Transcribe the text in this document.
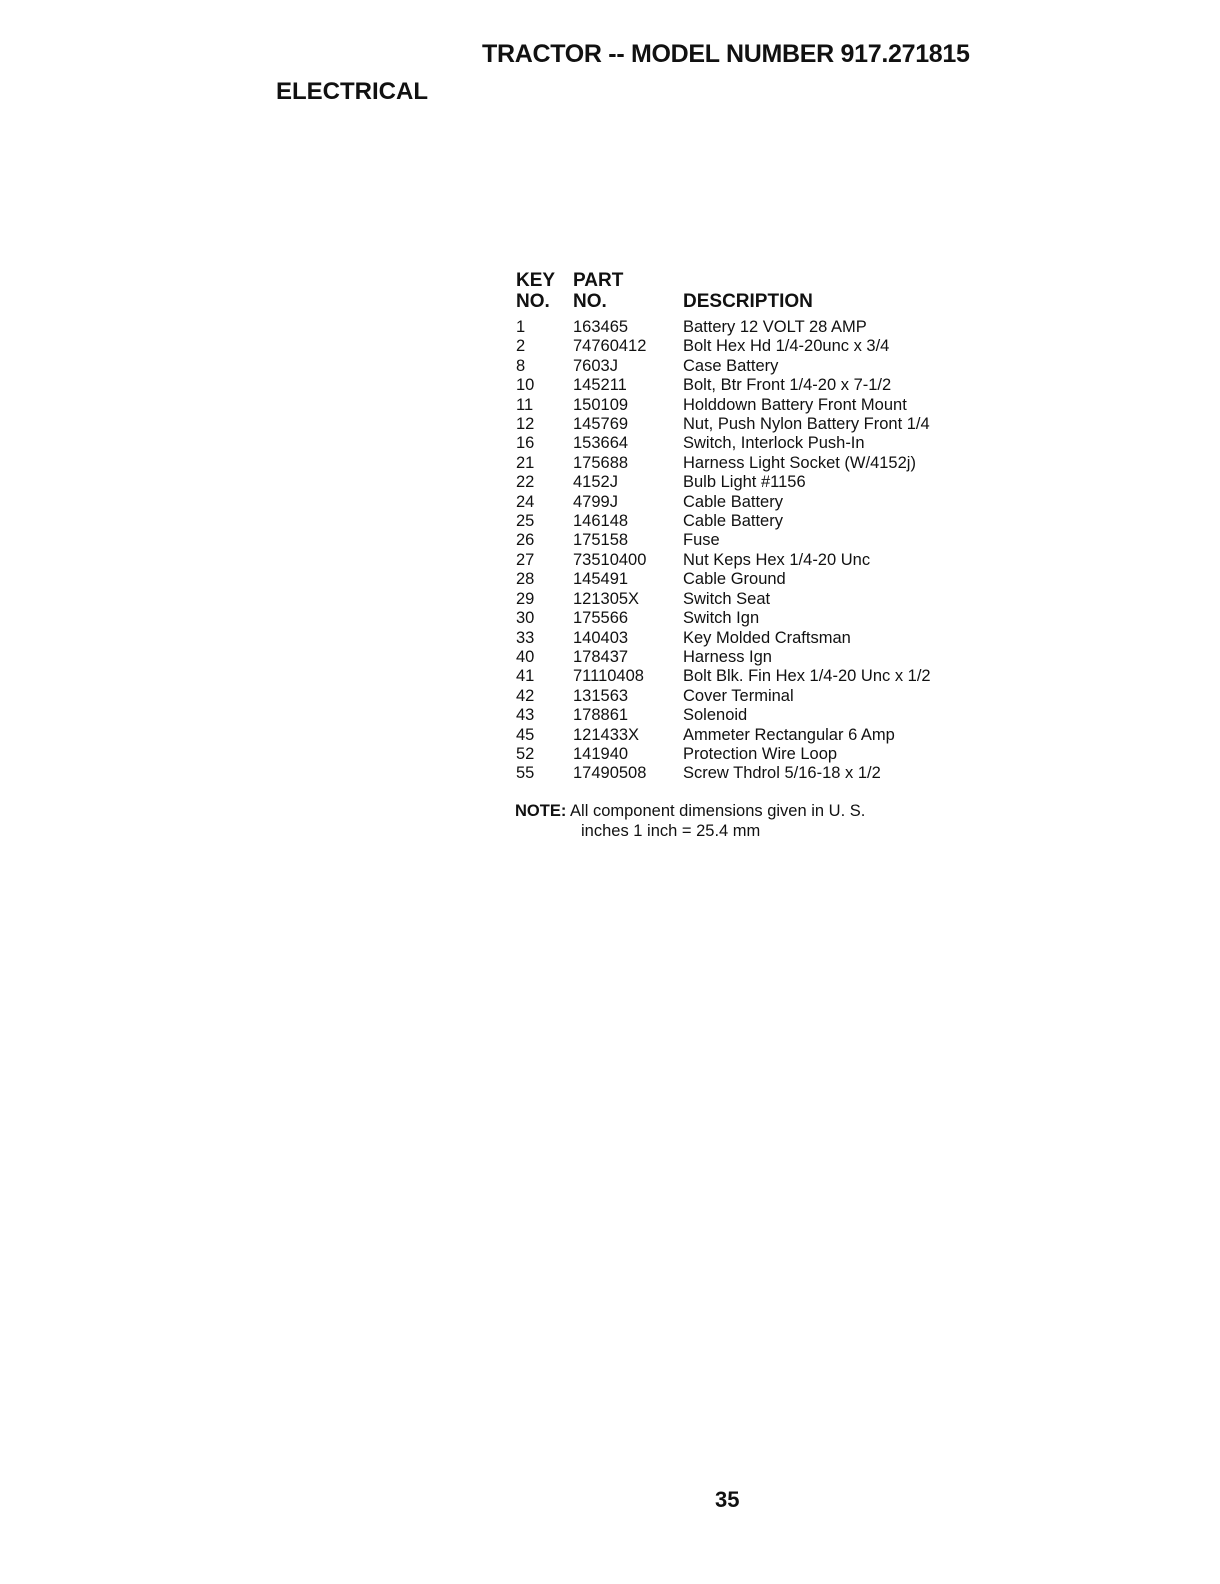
TRACTOR -- MODEL NUMBER 917.271815
ELECTRICAL
KEY	PART	
NO.	NO.	DESCRIPTION
1	163465	Battery 12 VOLT 28 AMP
2	74760412	Bolt Hex Hd 1/4-20unc x 3/4
8	7603J	Case Battery
10	145211	Bolt, Btr Front 1/4-20 x 7-1/2
11	150109	Holddown Battery Front Mount
12	145769	Nut, Push Nylon Battery Front 1/4
16	153664	Switch, Interlock Push-In
21	175688	Harness Light Socket (W/4152j)
22	4152J	Bulb Light #1156
24	4799J	Cable Battery
25	146148	Cable Battery
26	175158	Fuse
27	73510400	Nut Keps Hex 1/4-20 Unc
28	145491	Cable Ground
29	121305X	Switch Seat
30	175566	Switch Ign
33	140403	Key Molded Craftsman
40	178437	Harness Ign
41	71110408	Bolt Blk. Fin Hex 1/4-20 Unc x 1/2
42	131563	Cover Terminal
43	178861	Solenoid
45	121433X	Ammeter Rectangular 6 Amp
52	141940	Protection Wire Loop
55	17490508	Screw Thdrol 5/16-18 x 1/2
NOTE: All component dimensions given in U. S.
inches 1 inch = 25.4 mm
35
